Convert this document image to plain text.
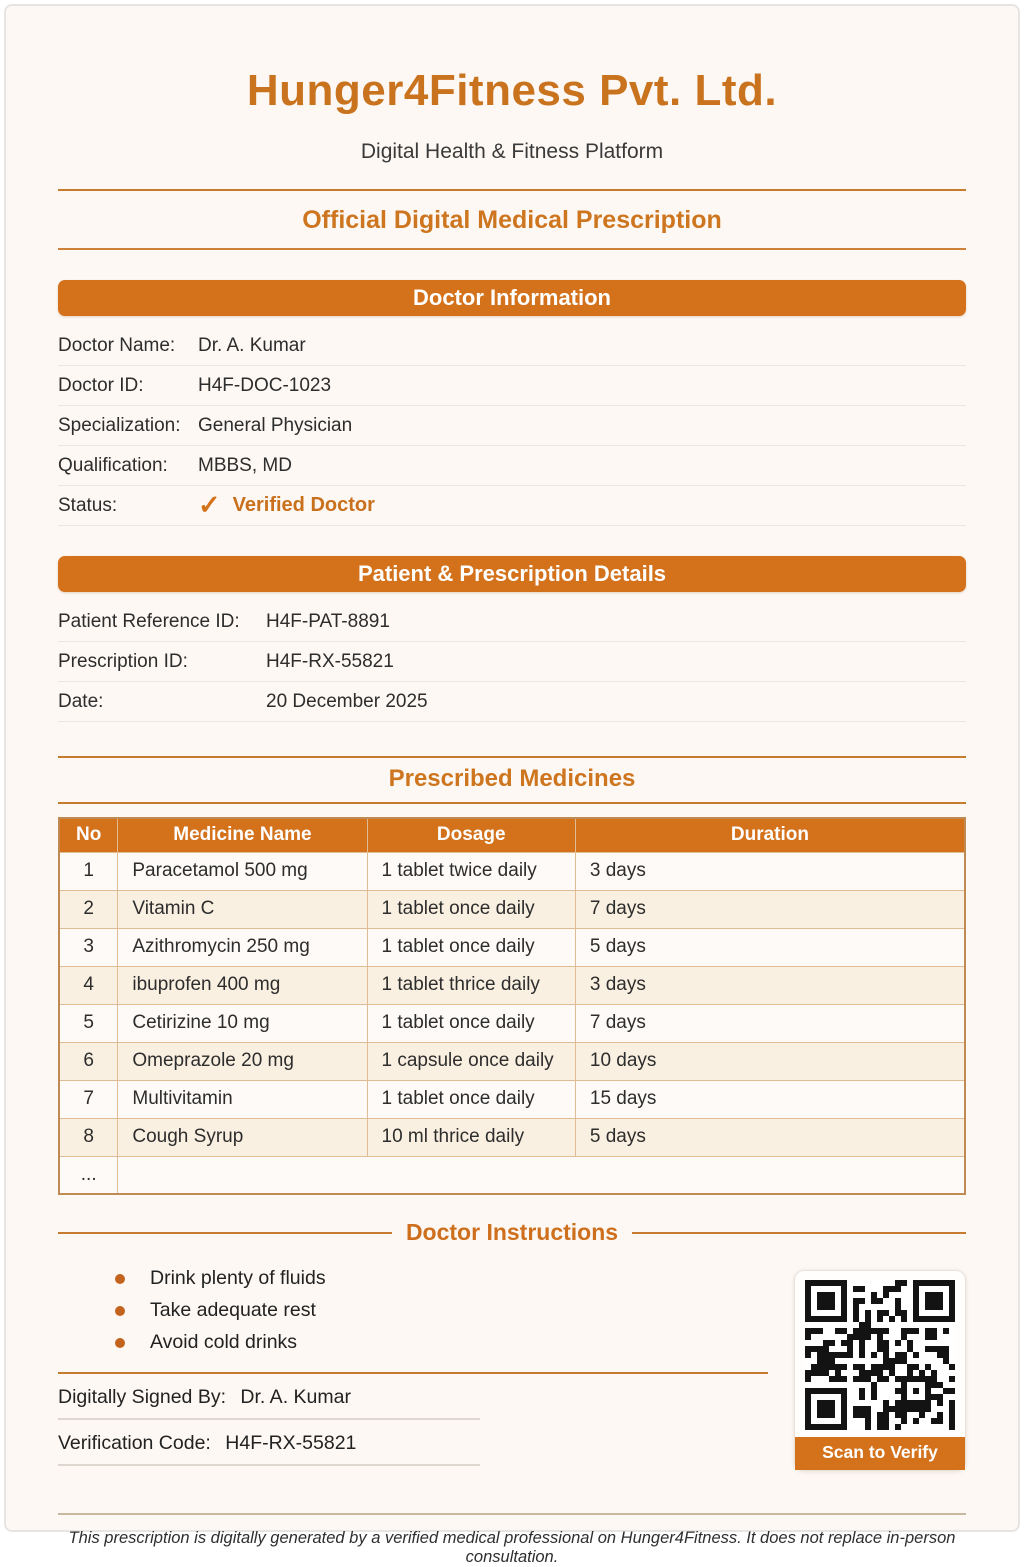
Hunger4Fitness Pvt. Ltd.
Digital Health & Fitness Platform
Official Digital Medical Prescription
Doctor Information
Doctor Name:	Dr. A. Kumar
Doctor ID:	H4F-DOC-1023
Specialization: General Physician
Qualification:	MBBS, MD
Status:	✓ Verified Doctor
Patient & Prescription Details
Patient Reference ID:	H4F-PAT-8891
Prescription ID:	H4F-RX-55821
Date:	20 December 2025
Prescribed Medicines
No	Medicine Name	Dosage	Duration
1	Paracetamol 500 mg	1 tablet twice daily	3 days
2	Vitamin C	1 tablet once daily	7 days
3	Azithromycin 250 mg	1 tablet once daily	5 days
4	ibuprofen 400 mg	1 tablet thrice daily	3 days
5	Cetirizine 10 mg	1 tablet once daily	7 days
6	Omeprazole 20 mg	1 capsule once daily	10 days
7	Multivitamin	1 tablet once daily	15 days
8	Cough Syrup	10 ml thrice daily	5 days
...			
Doctor Instructions
Drink plenty of fluids
Take adequate rest
Avoid cold drinks
Digitally Signed By: Dr. A. Kumar
Verification Code: H4F-RX-55821	Scan to Verify
This prescription is digitally generated by a verified medical professional on Hunger4Fitness. It does not replace in-person consultation.
